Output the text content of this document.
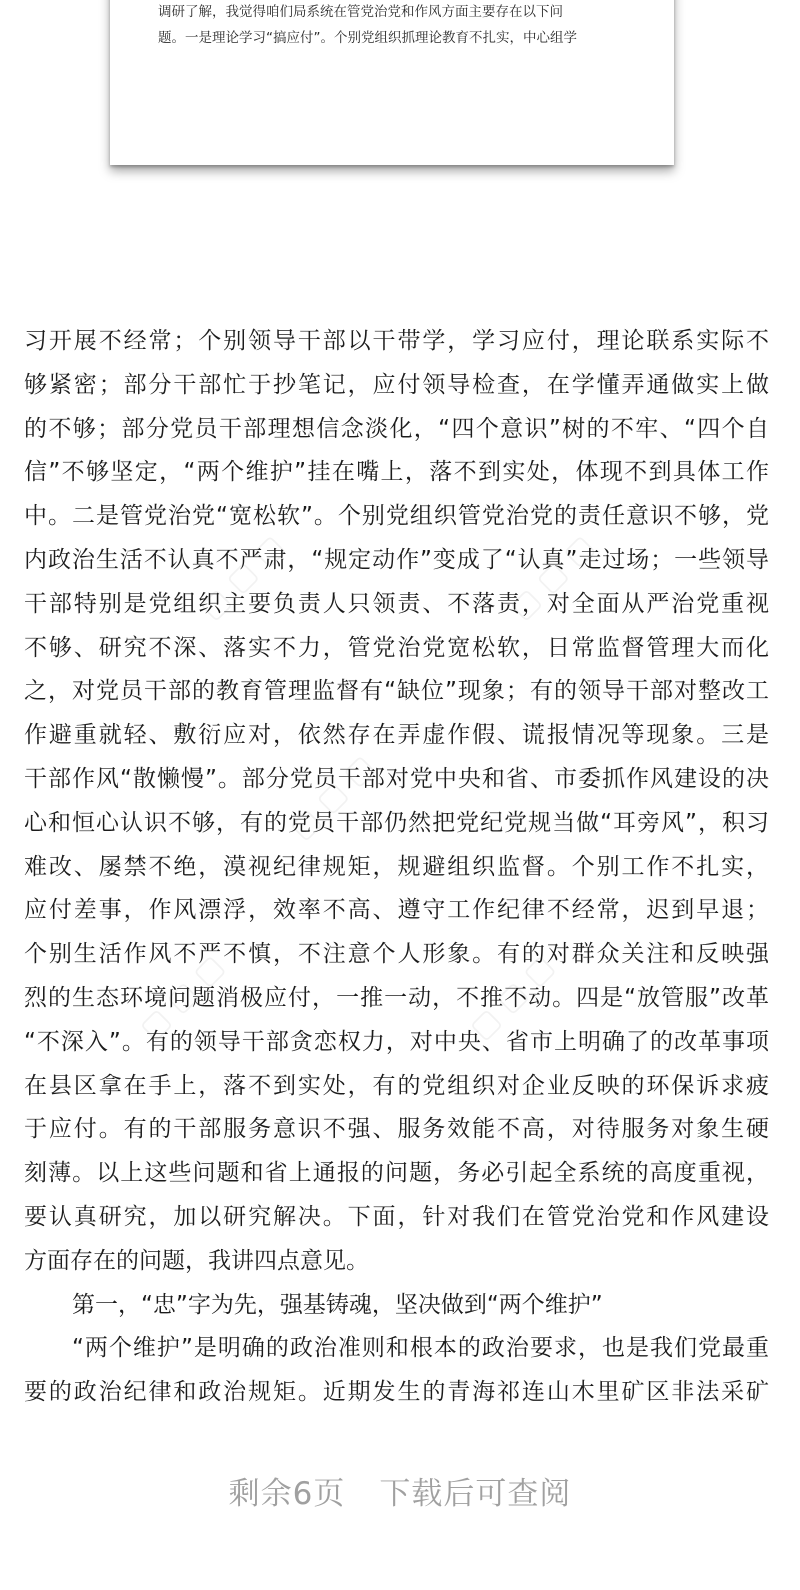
调研了解，我觉得咱们局系统在管党治党和作风方面主要存在以下问
题。一是理论学习“搞应付”。个别党组织抓理论教育不扎实，中心组学
▢ ▢ ▢	▢ ▢ ▢
▢ ▢ ▢
▢ ▢ ▢	▢ ▢ ▢
习开展不经常；个别领导干部以干带学，学习应付，理论联系实际不
够紧密；部分干部忙于抄笔记，应付领导检查，在学懂弄通做实上做
的不够；部分党员干部理想信念淡化，“四个意识”树的不牢、“四个自
信”不够坚定，“两个维护”挂在嘴上，落不到实处，体现不到具体工作
中。二是管党治党“宽松软”。个别党组织管党治党的责任意识不够，党
内政治生活不认真不严肃，“规定动作”变成了“认真”走过场；一些领导
干部特别是党组织主要负责人只领责、不落责，对全面从严治党重视
不够、研究不深、落实不力，管党治党宽松软，日常监督管理大而化
之，对党员干部的教育管理监督有“缺位”现象；有的领导干部对整改工
作避重就轻、敷衍应对，依然存在弄虚作假、谎报情况等现象。三是
干部作风“散懒慢”。部分党员干部对党中央和省、市委抓作风建设的决
心和恒心认识不够，有的党员干部仍然把党纪党规当做“耳旁风”，积习
难改、屡禁不绝，漠视纪律规矩，规避组织监督。个别工作不扎实，
应付差事，作风漂浮，效率不高、遵守工作纪律不经常，迟到早退；
个别生活作风不严不慎，不注意个人形象。有的对群众关注和反映强
烈的生态环境问题消极应付，一推一动，不推不动。四是“放管服”改革
“不深入”。有的领导干部贪恋权力，对中央、省市上明确了的改革事项
在县区拿在手上，落不到实处，有的党组织对企业反映的环保诉求疲
于应付。有的干部服务意识不强、服务效能不高，对待服务对象生硬
刻薄。以上这些问题和省上通报的问题，务必引起全系统的高度重视，
要认真研究，加以研究解决。下面，针对我们在管党治党和作风建设
方面存在的问题，我讲四点意见。
第一，“忠”字为先，强基铸魂，坚决做到“两个维护”
“两个维护”是明确的政治准则和根本的政治要求，也是我们党最重
要的政治纪律和政治规矩。近期发生的青海祁连山木里矿区非法采矿
剩余6页 下载后可查阅
